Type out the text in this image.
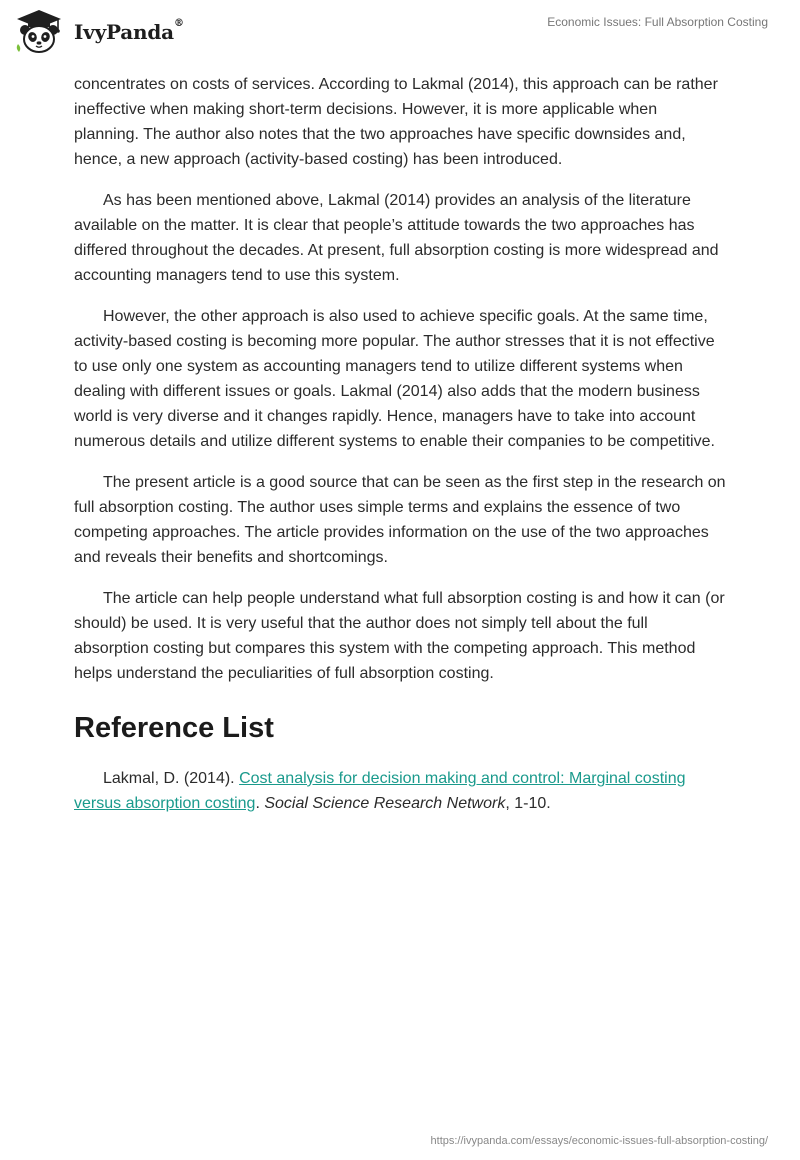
IvyPanda®	Economic Issues: Full Absorption Costing

concentrates on costs of services. According to Lakmal (2014), this approach can be rather ineffective when making short-term decisions. However, it is more applicable when planning. The author also notes that the two approaches have specific downsides and, hence, a new approach (activity-based costing) has been introduced.

As has been mentioned above, Lakmal (2014) provides an analysis of the literature available on the matter. It is clear that people’s attitude towards the two approaches has differed throughout the decades. At present, full absorption costing is more widespread and accounting managers tend to use this system.

However, the other approach is also used to achieve specific goals. At the same time, activity-based costing is becoming more popular. The author stresses that it is not effective to use only one system as accounting managers tend to utilize different systems when dealing with different issues or goals. Lakmal (2014) also adds that the modern business world is very diverse and it changes rapidly. Hence, managers have to take into account numerous details and utilize different systems to enable their companies to be competitive.

The present article is a good source that can be seen as the first step in the research on full absorption costing. The author uses simple terms and explains the essence of two competing approaches. The article provides information on the use of the two approaches and reveals their benefits and shortcomings.

The article can help people understand what full absorption costing is and how it can (or should) be used. It is very useful that the author does not simply tell about the full absorption costing but compares this system with the competing approach. This method helps understand the peculiarities of full absorption costing.

Reference List

Lakmal, D. (2014). Cost analysis for decision making and control: Marginal costing versus absorption costing. Social Science Research Network, 1-10.

https://ivypanda.com/essays/economic-issues-full-absorption-costing/
